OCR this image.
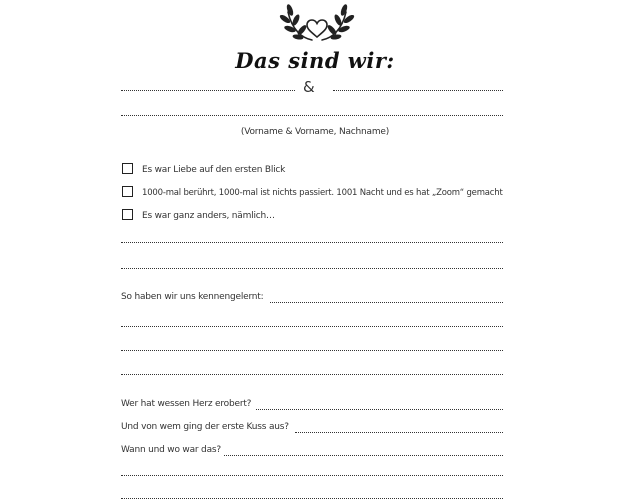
Das sind wir:
&
(Vorname & Vorname, Nachname)
Es war Liebe auf den ersten Blick
1000-mal berührt, 1000-mal ist nichts passiert. 1001 Nacht und es hat „Zoom“ gemacht
Es war ganz anders, nämlich…
So haben wir uns kennengelernt:
Wer hat wessen Herz erobert?
Und von wem ging der erste Kuss aus?
Wann und wo war das?
